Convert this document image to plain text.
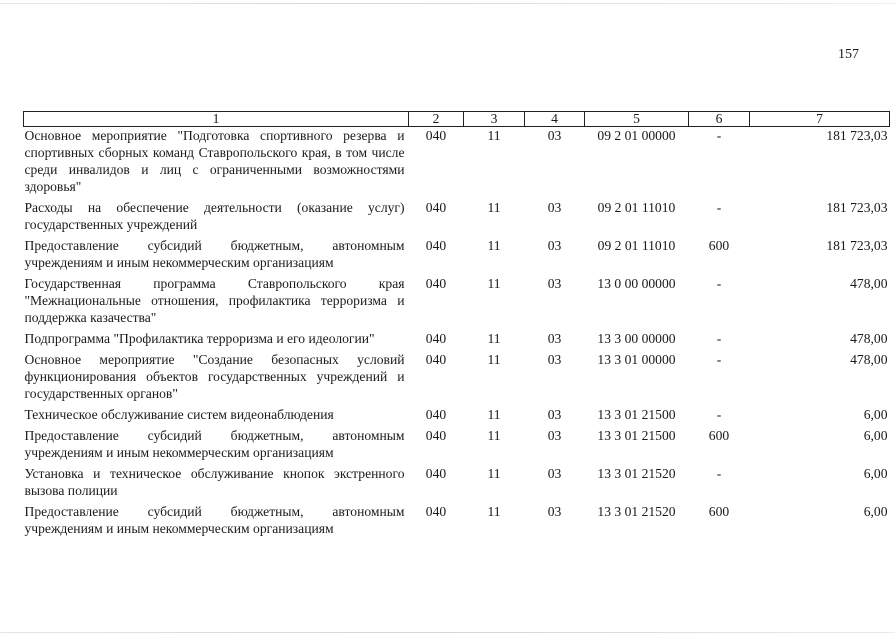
157
1	2	3	4	5	6	7
Основное мероприятие "Подготовка спортивного резерва и спортивных сборных команд Ставропольского края, в том числе среди инвалидов и лиц с ограниченными возможностями здоровья"	040	11	03	09 2 01 00000	-	181 723,03
Расходы на обеспечение деятельности (оказание услуг) государственных учреждений	040	11	03	09 2 01 11010	-	181 723,03
Предоставление субсидий бюджетным, автономным учреждениям и иным некоммерческим организациям	040	11	03	09 2 01 11010	600	181 723,03
Государственная программа Ставропольского края "Межнациональные отношения, профилактика терроризма и поддержка казачества"	040	11	03	13 0 00 00000	-	478,00
Подпрограмма "Профилактика терроризма и его идеологии"	040	11	03	13 3 00 00000	-	478,00
Основное мероприятие "Создание безопасных условий функционирования объектов государственных учреждений и государственных органов"	040	11	03	13 3 01 00000	-	478,00
Техническое обслуживание систем видеонаблюдения	040	11	03	13 3 01 21500	-	6,00
Предоставление субсидий бюджетным, автономным учреждениям и иным некоммерческим организациям	040	11	03	13 3 01 21500	600	6,00
Установка и техническое обслуживание кнопок экстренного вызова полиции	040	11	03	13 3 01 21520	-	6,00
Предоставление субсидий бюджетным, автономным учреждениям и иным некоммерческим организациям	040	11	03	13 3 01 21520	600	6,00
